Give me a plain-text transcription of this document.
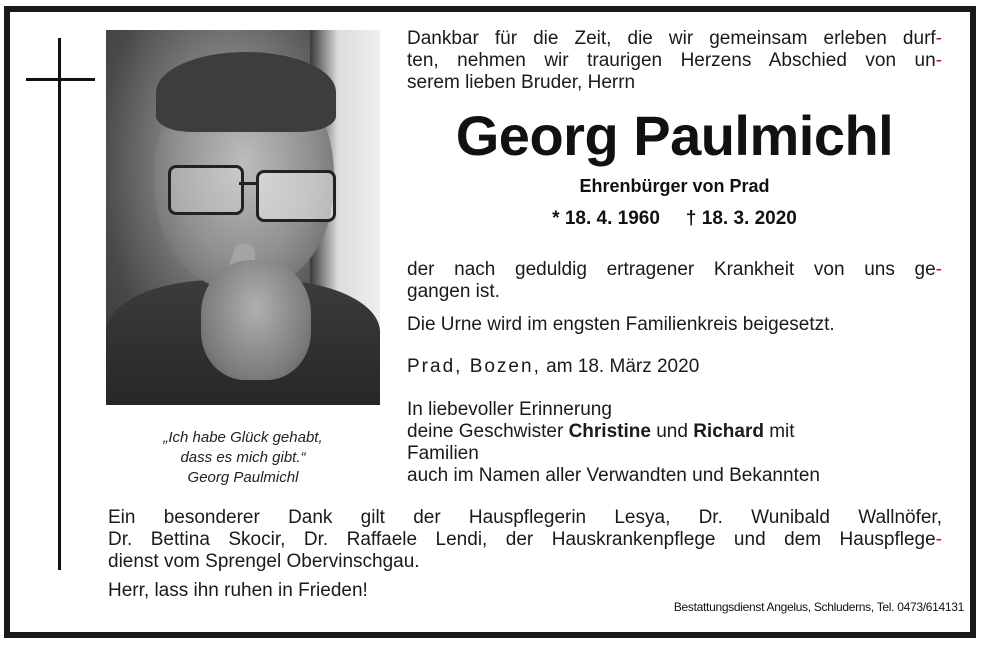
„Ich habe Glück gehabt,
dass es mich gibt.“
Georg Paulmichl
Dankbar für die Zeit, die wir gemeinsam erleben durf-
ten, nehmen wir traurigen Herzens Abschied von un-
serem lieben Bruder, Herrn
Georg Paulmichl
Ehrenbürger von Prad
* 18. 4. 1960 † 18. 3. 2020
der nach geduldig ertragener Krankheit von uns ge-
gangen ist.
Die Urne wird im engsten Familienkreis beigesetzt.
Prad, Bozen, am 18. März 2020
In liebevoller Erinnerung
deine Geschwister Christine und Richard mit
Familien
auch im Namen aller Verwandten und Bekannten
Ein besonderer Dank gilt der Hauspflegerin Lesya, Dr. Wunibald Wallnöfer,
Dr. Bettina Skocir, Dr. Raffaele Lendi, der Hauskrankenpflege und dem Hauspflege-
dienst vom Sprengel Obervinschgau.
Herr, lass ihn ruhen in Frieden!
Bestattungsdienst Angelus, Schluderns, Tel. 0473/614131
